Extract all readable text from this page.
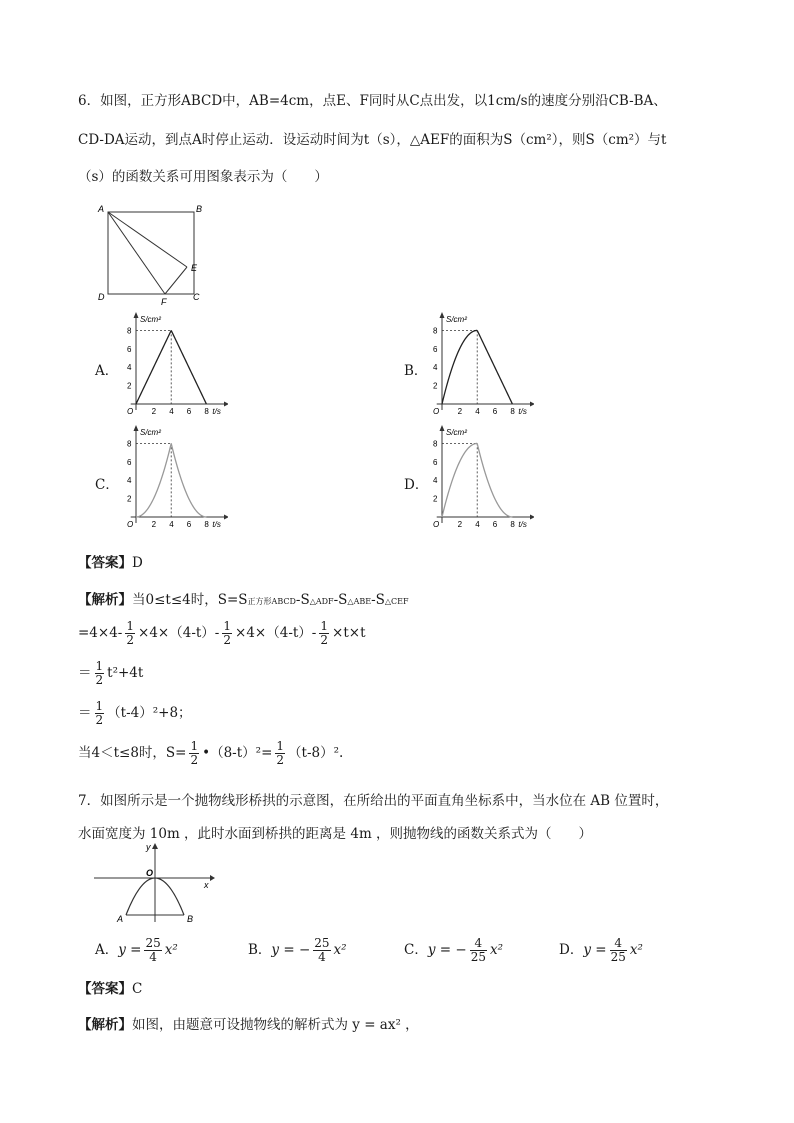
6．如图，正方形ABCD中，AB=4cm，点E、F同时从C点出发，以1cm/s的速度分别沿CB-BA、
CD-DA运动，到点A时停止运动．设运动时间为t（s），△AEF的面积为S（cm²），则S（cm²）与t
（s）的函数关系可用图象表示为（　　）
A	B
E
D	F	C
A．	B．
C．	D．
2
4
6
8
2 4 6 8
O
S/cm²
t/s
2
4
6
8
2 4 6 8
O
S/cm²
t/s
2
4
6
8
2 4 6 8
O
S/cm²
t/s
2
4
6
8
2 4 6 8
O
S/cm²
t/s
【答案】D
【解析】当0≤t≤4时，S=S正方形ABCD-S△ADF-S△ABE-S△CEF
$=4\times 4- \frac{1}{2} \times 4\times(4-t)- \frac{1}{2} \times 4\times(4-t)- \frac{1}{2} \times t\times t$
＝ $\frac{1}{2} t^2+4t$
＝ $\frac{1}{2} (t-4)^2+8$；
当4＜t≤8时，$S= \frac{1}{2}$ •（8-t）²= $\frac{1}{2} (t-8)^2$.
7．如图所示是一个抛物线形桥拱的示意图，在所给出的平面直角坐标系中，当水位在 AB 位置时，
水面宽度为 10m ，此时水面到桥拱的距离是 4m ，则抛物线的函数关系式为（　　）
y
x
O
A	B
A．$y = \frac{25}{4} x^2$	B．y = − $\frac{25}{4} x^2$	C．y = − $\frac{4}{25} x^2$	D．$y = \frac{4}{25} x^2$
【答案】C
【解析】如图，由题意可设抛物线的解析式为 y = ax² ，
